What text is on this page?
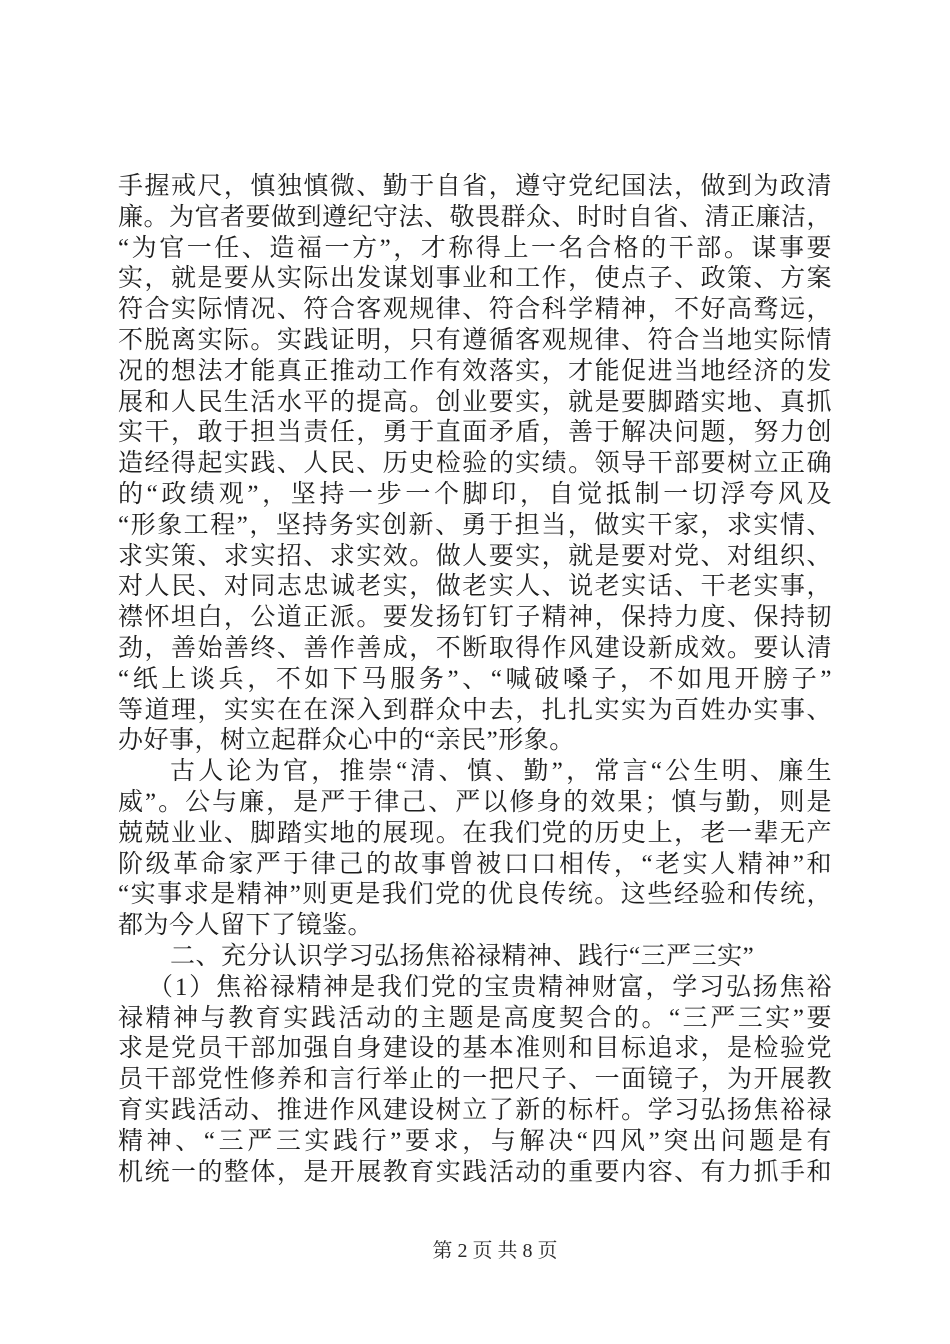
手握戒尺，慎独慎微、勤于自省，遵守党纪国法，做到为政清
廉。为官者要做到遵纪守法、敬畏群众、时时自省、清正廉洁，
“为官一任、造福一方”，才称得上一名合格的干部。谋事要
实，就是要从实际出发谋划事业和工作，使点子、政策、方案
符合实际情况、符合客观规律、符合科学精神，不好高骛远，
不脱离实际。实践证明，只有遵循客观规律、符合当地实际情
况的想法才能真正推动工作有效落实，才能促进当地经济的发
展和人民生活水平的提高。创业要实，就是要脚踏实地、真抓
实干，敢于担当责任，勇于直面矛盾，善于解决问题，努力创
造经得起实践、人民、历史检验的实绩。领导干部要树立正确
的“政绩观”，坚持一步一个脚印，自觉抵制一切浮夸风及
“形象工程”，坚持务实创新、勇于担当，做实干家，求实情、
求实策、求实招、求实效。做人要实，就是要对党、对组织、
对人民、对同志忠诚老实，做老实人、说老实话、干老实事，
襟怀坦白，公道正派。要发扬钉钉子精神，保持力度、保持韧
劲，善始善终、善作善成，不断取得作风建设新成效。要认清
“纸上谈兵，不如下马服务”、“喊破嗓子，不如甩开膀子”
等道理，实实在在深入到群众中去，扎扎实实为百姓办实事、
办好事，树立起群众心中的“亲民”形象。
古人论为官，推崇“清、慎、勤”，常言“公生明、廉生
威”。公与廉，是严于律己、严以修身的效果；慎与勤，则是
兢兢业业、脚踏实地的展现。在我们党的历史上，老一辈无产
阶级革命家严于律己的故事曾被口口相传，“老实人精神”和
“实事求是精神”则更是我们党的优良传统。这些经验和传统，
都为今人留下了镜鉴。
二、充分认识学习弘扬焦裕禄精神、践行“三严三实”
（1）焦裕禄精神是我们党的宝贵精神财富，学习弘扬焦裕
禄精神与教育实践活动的主题是高度契合的。“三严三实”要
求是党员干部加强自身建设的基本准则和目标追求，是检验党
员干部党性修养和言行举止的一把尺子、一面镜子，为开展教
育实践活动、推进作风建设树立了新的标杆。学习弘扬焦裕禄
精神、“三严三实践行”要求，与解决“四风”突出问题是有
机统一的整体，是开展教育实践活动的重要内容、有力抓手和
第 2 页 共 8 页
